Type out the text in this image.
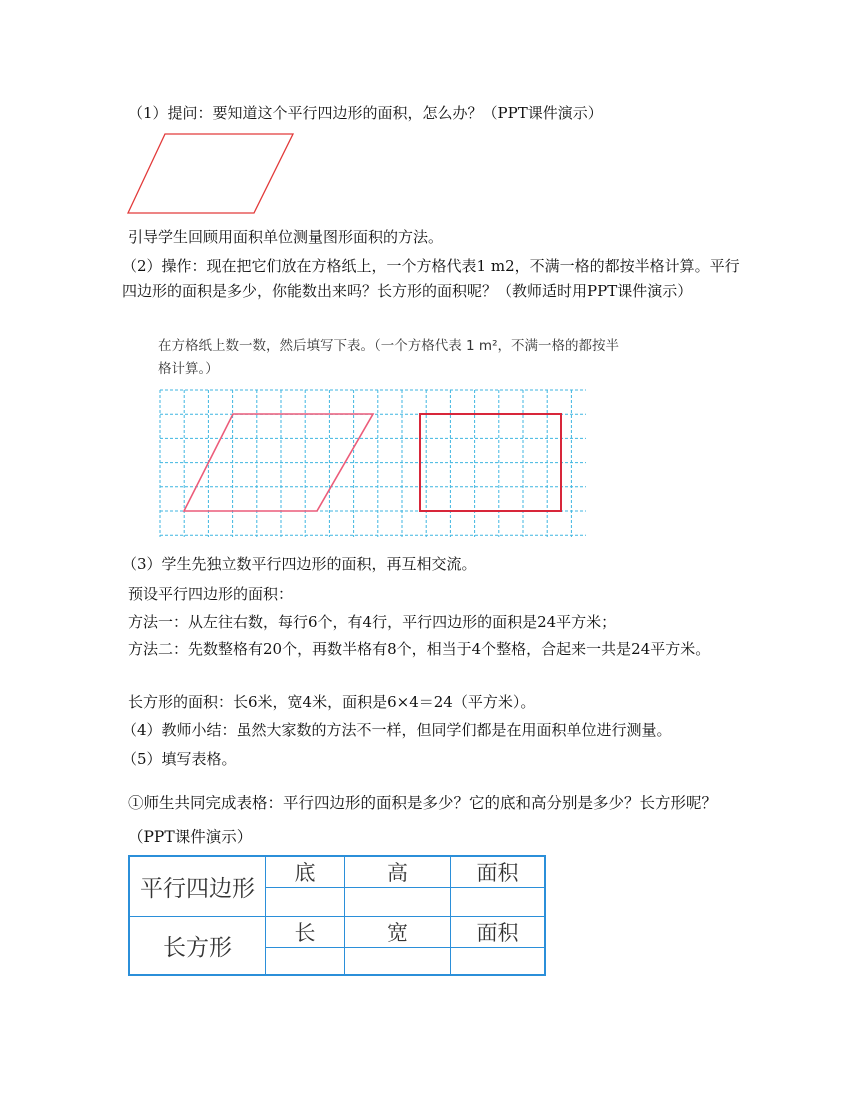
（1）提问：要知道这个平行四边形的面积，怎么办？（PPT课件演示）
引导学生回顾用面积单位测量图形面积的方法。
（2）操作：现在把它们放在方格纸上，一个方格代表1 m2，不满一格的都按半格计算。平行四边形的面积是多少，你能数出来吗？长方形的面积呢？（教师适时用PPT课件演示）
在方格纸上数一数，然后填写下表。（一个方格代表 1 m²，不满一格的都按半格计算。）
（3）学生先独立数平行四边形的面积，再互相交流。
预设平行四边形的面积：
方法一：从左往右数，每行6个，有4行，平行四边形的面积是24平方米；
方法二：先数整格有20个，再数半格有8个，相当于4个整格，合起来一共是24平方米。
长方形的面积：长6米，宽4米，面积是6×4＝24（平方米）。
（4）教师小结：虽然大家数的方法不一样，但同学们都是在用面积单位进行测量。
（5）填写表格。
①师生共同完成表格：平行四边形的面积是多少？它的底和高分别是多少？长方形呢？（PPT课件演示）
平行四边形	底	高	面积

长方形	长	宽	面积
